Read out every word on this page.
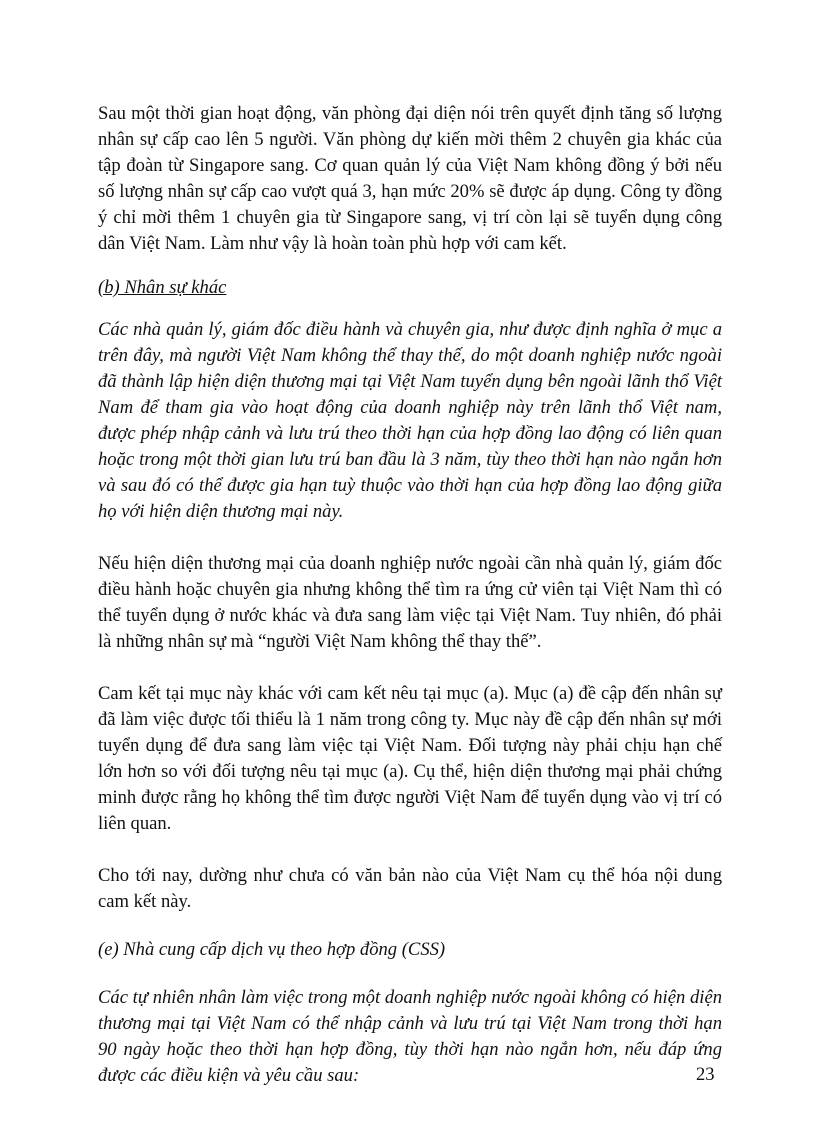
Sau một thời gian hoạt động, văn phòng đại diện nói trên quyết định tăng số lượng nhân sự cấp cao lên 5 người. Văn phòng dự kiến mời thêm 2 chuyên gia khác của tập đoàn từ Singapore sang. Cơ quan quản lý của Việt Nam không đồng ý bởi nếu số lượng nhân sự cấp cao vượt quá 3, hạn mức 20% sẽ được áp dụng. Công ty đồng ý chỉ mời thêm 1 chuyên gia từ Singapore sang, vị trí còn lại sẽ tuyển dụng công dân Việt Nam. Làm như vậy là hoàn toàn phù hợp với cam kết.

(b) Nhân sự khác

Các nhà quản lý, giám đốc điều hành và chuyên gia, như được định nghĩa ở mục a trên đây, mà người Việt Nam không thể thay thế, do một doanh nghiệp nước ngoài đã thành lập hiện diện thương mại tại Việt Nam tuyển dụng bên ngoài lãnh thổ Việt Nam để tham gia vào hoạt động của doanh nghiệp này trên lãnh thổ Việt nam, được phép nhập cảnh và lưu trú theo thời hạn của hợp đồng lao động có liên quan hoặc trong một thời gian lưu trú ban đầu là 3 năm, tùy theo thời hạn nào ngắn hơn và sau đó có thể được gia hạn tuỳ thuộc vào thời hạn của hợp đồng lao động giữa họ với hiện diện thương mại này.

Nếu hiện diện thương mại của doanh nghiệp nước ngoài cần nhà quản lý, giám đốc điều hành hoặc chuyên gia nhưng không thể tìm ra ứng cử viên tại Việt Nam thì có thể tuyển dụng ở nước khác và đưa sang làm việc tại Việt Nam. Tuy nhiên, đó phải là những nhân sự mà “người Việt Nam không thể thay thế”.

Cam kết tại mục này khác với cam kết nêu tại mục (a). Mục (a) đề cập đến nhân sự đã làm việc được tối thiểu là 1 năm trong công ty. Mục này đề cập đến nhân sự mới tuyển dụng để đưa sang làm việc tại Việt Nam. Đối tượng này phải chịu hạn chế lớn hơn so với đối tượng nêu tại mục (a). Cụ thể, hiện diện thương mại phải chứng minh được rằng họ không thể tìm được người Việt Nam để tuyển dụng vào vị trí có liên quan.

Cho tới nay, dường như chưa có văn bản nào của Việt Nam cụ thể hóa nội dung cam kết này.

(e) Nhà cung cấp dịch vụ theo hợp đồng (CSS)

Các tự nhiên nhân làm việc trong một doanh nghiệp nước ngoài không có hiện diện thương mại tại Việt Nam có thể nhập cảnh và lưu trú tại Việt Nam trong thời hạn 90 ngày hoặc theo thời hạn hợp đồng, tùy thời hạn nào ngắn hơn, nếu đáp ứng được các điều kiện và yêu cầu sau:	23
